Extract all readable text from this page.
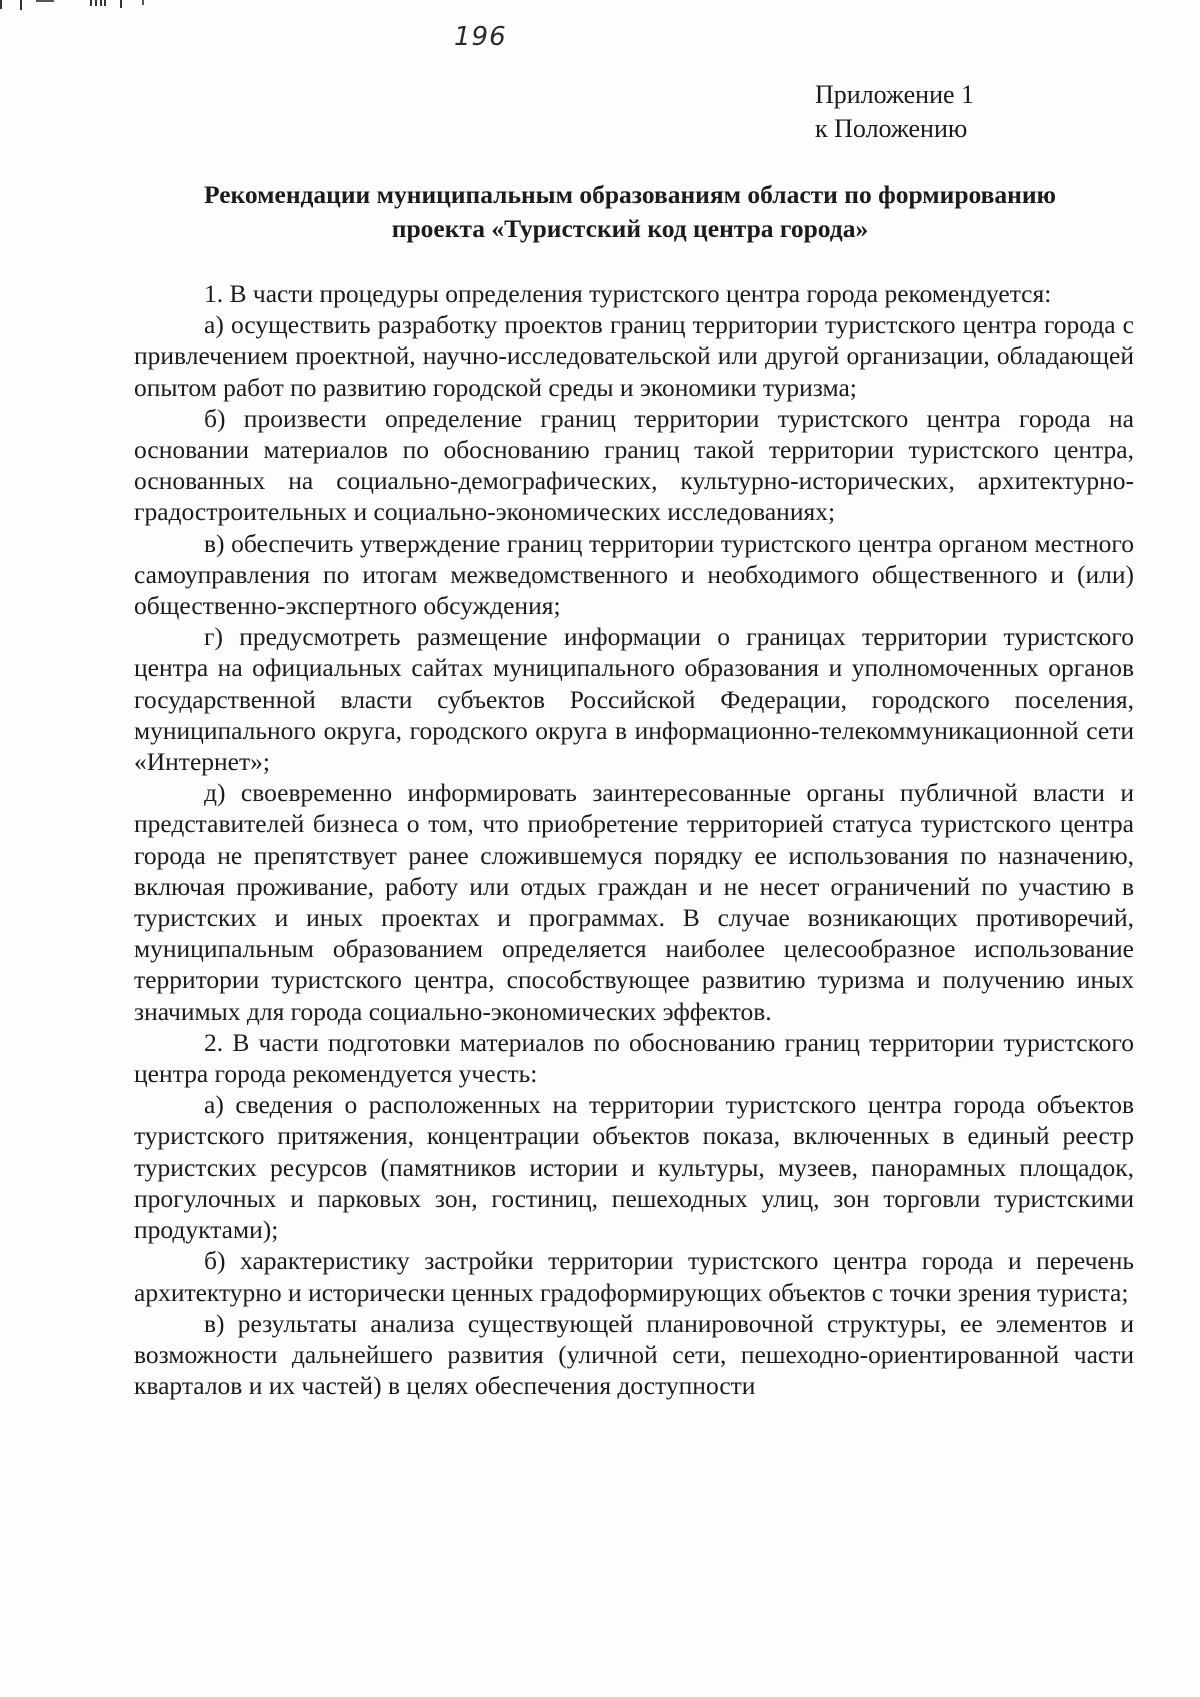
196
Приложение 1
к Положению
Рекомендации муниципальным образованиям области по формированию
проекта «Туристский код центра города»

1. В части процедуры определения туристского центра города рекомендуется:

а) осуществить разработку проектов границ территории туристского центра города с привлечением проектной, научно-исследовательской или другой организации, обладающей опытом работ по развитию городской среды и экономики туризма;

б) произвести определение границ территории туристского центра города на основании материалов по обоснованию границ такой территории туристского центра, основанных на социально-демографических, культурно-исторических, архитектурно-градостроительных и социально-экономических исследованиях;

в) обеспечить утверждение границ территории туристского центра органом местного самоуправления по итогам межведомственного и необходимого общественного и (или) общественно-экспертного обсуждения;

г) предусмотреть размещение информации о границах территории туристского центра на официальных сайтах муниципального образования и уполномоченных органов государственной власти субъектов Российской Федерации, городского поселения, муниципального округа, городского округа в информационно-телекоммуникационной сети «Интернет»;

д) своевременно информировать заинтересованные органы публичной власти и представителей бизнеса о том, что приобретение территорией статуса туристского центра города не препятствует ранее сложившемуся порядку ее использования по назначению, включая проживание, работу или отдых граждан и не несет ограничений по участию в туристских и иных проектах и программах. В случае возникающих противоречий, муниципальным образованием определяется наиболее целесообразное использование территории туристского центра, способствующее развитию туризма и получению иных значимых для города социально-экономических эффектов.

2. В части подготовки материалов по обоснованию границ территории туристского центра города рекомендуется учесть:

а) сведения о расположенных на территории туристского центра города объектов туристского притяжения, концентрации объектов показа, включенных в единый реестр туристских ресурсов (памятников истории и культуры, музеев, панорамных площадок, прогулочных и парковых зон, гостиниц, пешеходных улиц, зон торговли туристскими продуктами);

б) характеристику застройки территории туристского центра города и перечень архитектурно и исторически ценных градоформирующих объектов с точки зрения туриста;

в) результаты анализа существующей планировочной структуры, ее элементов и возможности дальнейшего развития (уличной сети, пешеходно-ориентированной части кварталов и их частей) в целях обеспечения доступности
